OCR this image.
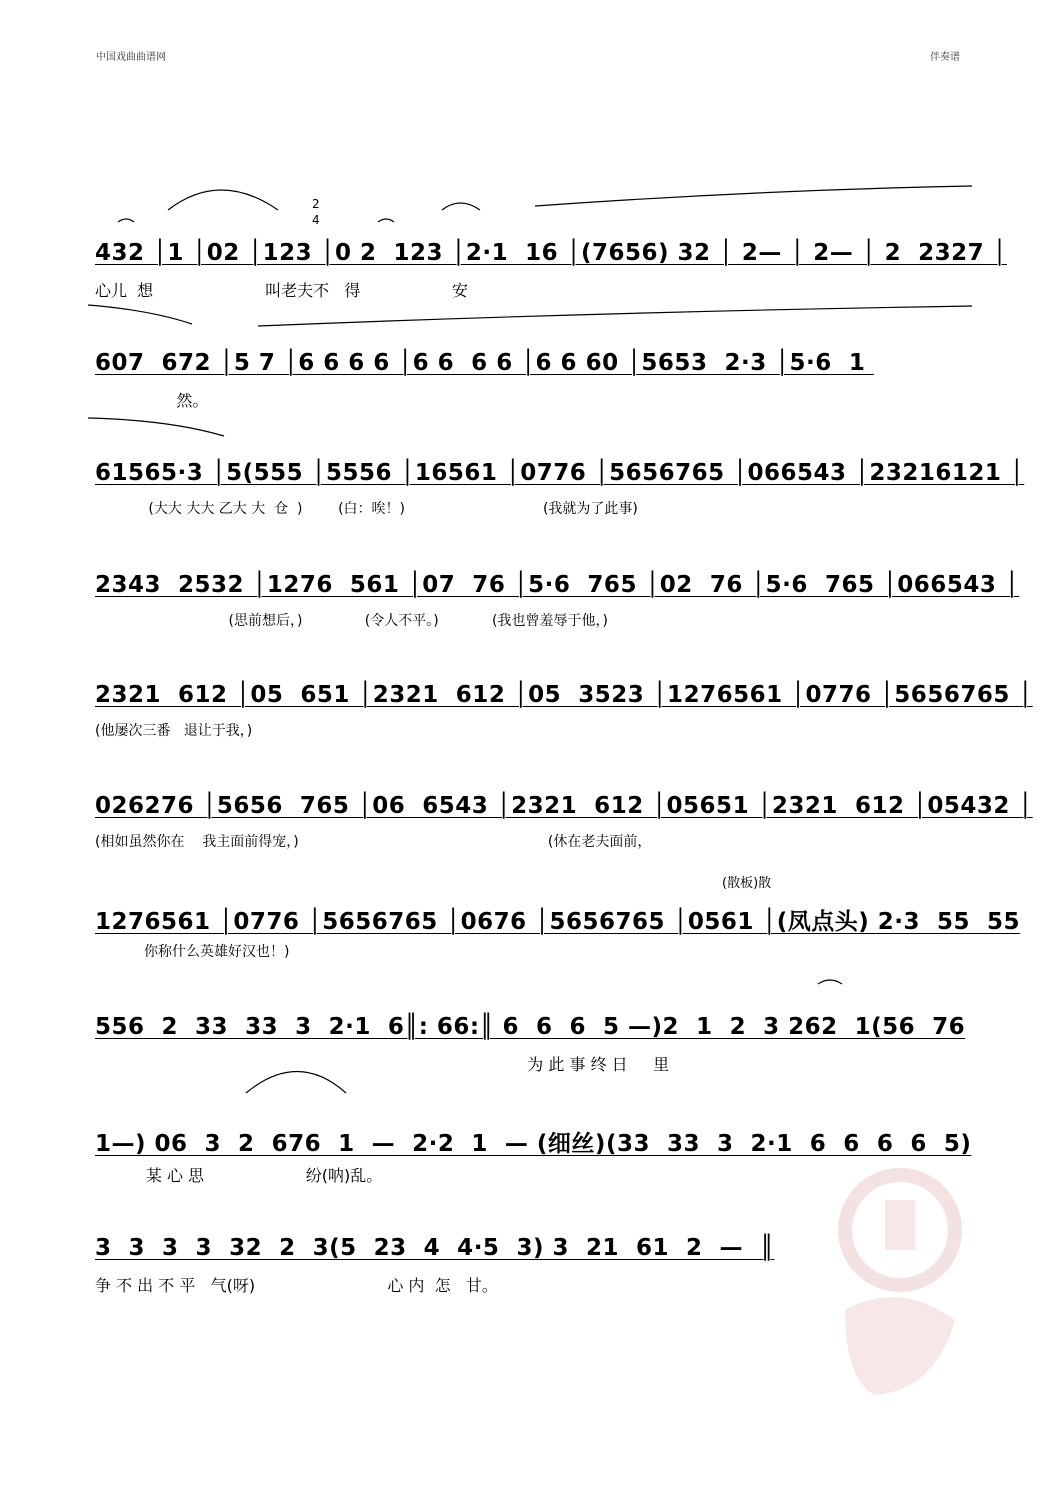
中国戏曲曲谱网	伴奏谱
2
4
432 │1 │02 │123 │0 2  123 │2·1  16 │(7656) 32 │ 2— │ 2— │ 2  2327 │
心儿  想                      叫老夫不   得                  安
607  672 │5 7 │6 6 6 6 │6 6  6 6 │6 6 60 │5653  2·3 │5·6  1
然。
61565·3 │5(555 │5556 │16561 │0776 │5656765 │066543 │23216121 │
(大大 大大 乙大 大  仓  )        (白：唉！)                               (我就为了此事)
2343  2532 │1276  561 │07  76 │5·6  765 │02  76 │5·6  765 │066543 │
(思前想后，)              (令人不平。)            (我也曾羞辱于他，)
2321  612 │05  651 │2321  612 │05  3523 │1276561 │0776 │5656765 │
(他屡次三番   退让于我，)
026276 │5656  765 │06  6543 │2321  612 │05651 │2321  612 │05432 │
(相如虽然你在    我主面前得宠，)                                                        (休在老夫面前，
(散板)散
1276561 │0776 │5656765 │0676 │5656765 │0561 │(凤点头) 2·3  55  55
你称什么英雄好汉也！)
556  2  33  33  3  2·1  6║: 66:║ 6  6  6  5 —)2  1  2  3 262  1(56  76
为 此 事 终 日     里
1—) 06  3  2  676  1  —  2·2  1  — (细丝)(33  33  3  2·1  6  6  6  6  5)
某 心 思                    纷(呐)乱。
3  3  3  3  32  2  3(5  23  4  4·5  3) 3  21  61  2  —  ║
争 不 出 不 平   气(呀)                          心 内  怎   甘。
